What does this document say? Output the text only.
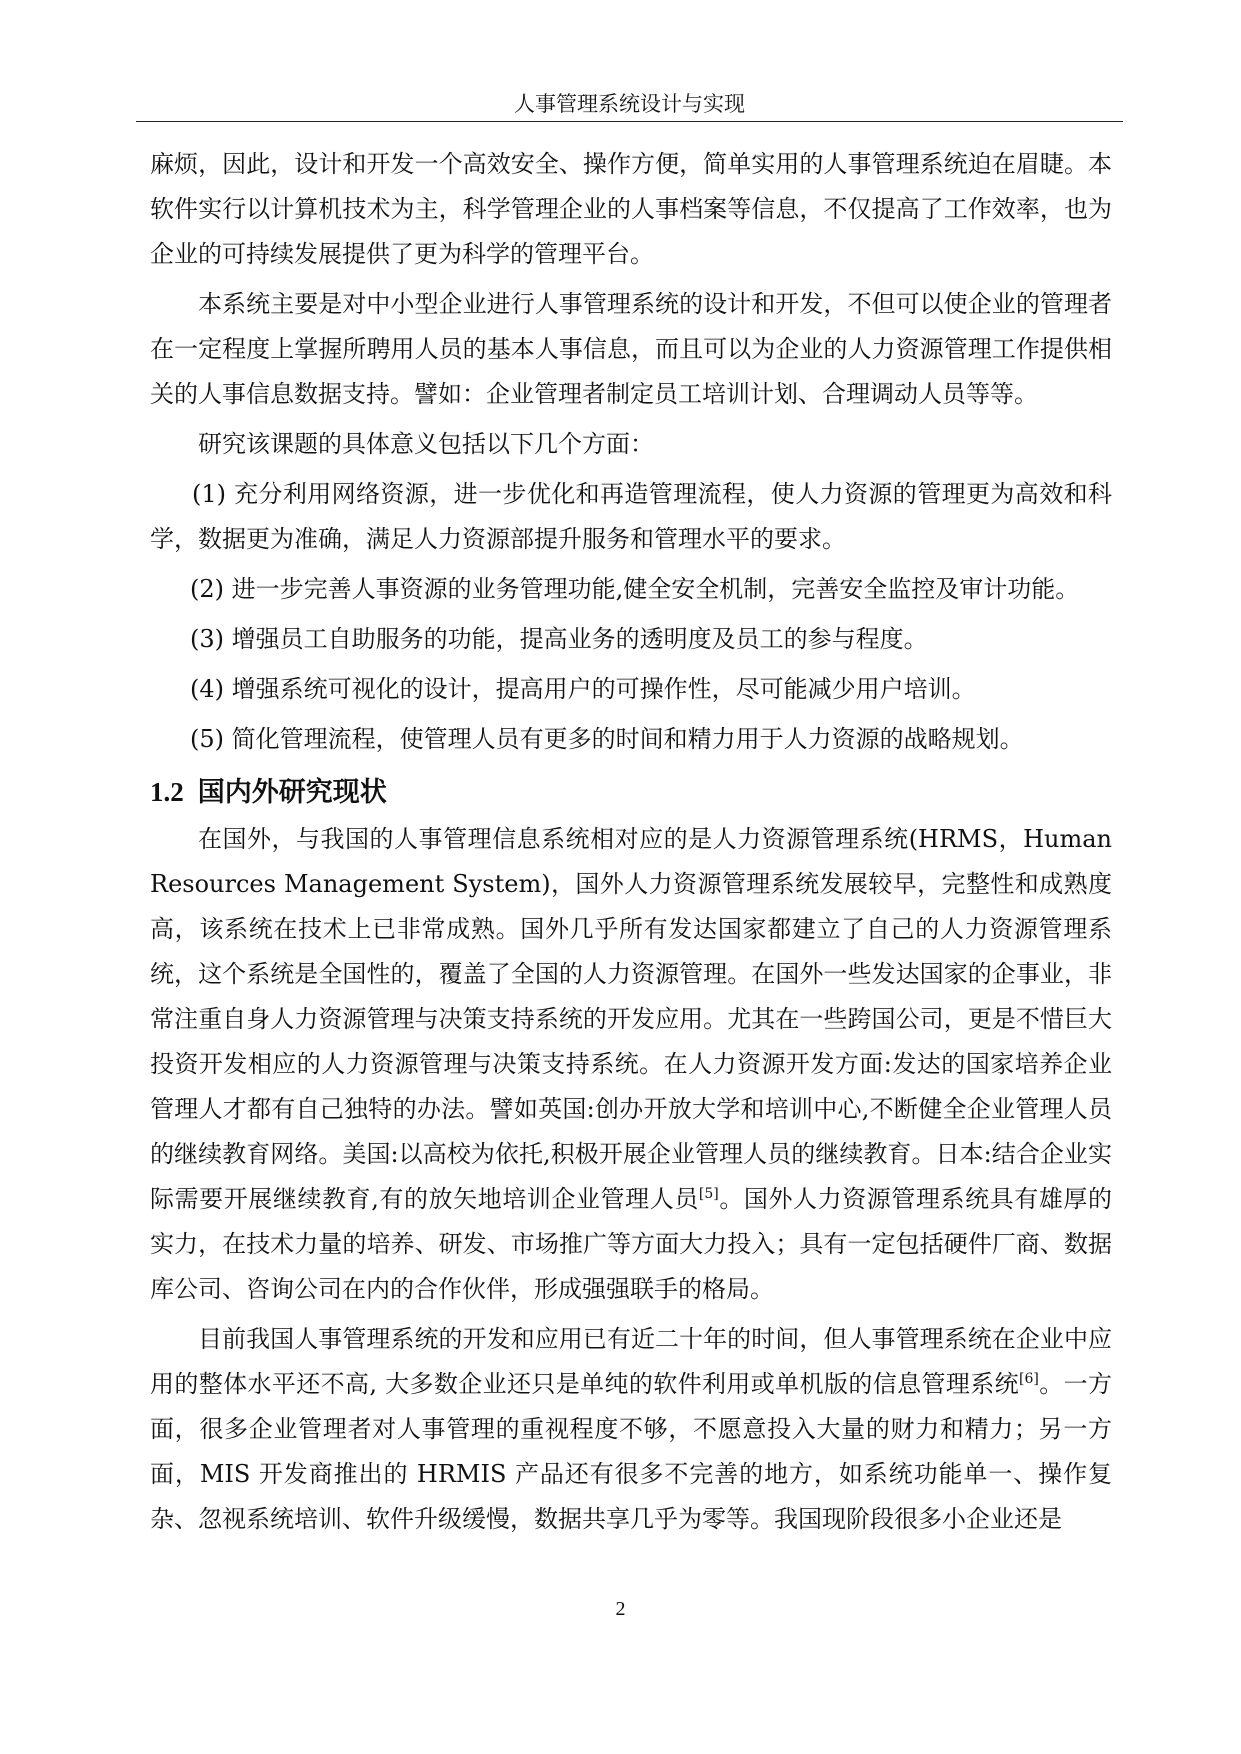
人事管理系统设计与实现

麻烦，因此，设计和开发一个高效安全、操作方便，简单实用的人事管理系统迫在眉睫。本软件实行以计算机技术为主，科学管理企业的人事档案等信息，不仅提高了工作效率，也为企业的可持续发展提供了更为科学的管理平台。

本系统主要是对中小型企业进行人事管理系统的设计和开发，不但可以使企业的管理者在一定程度上掌握所聘用人员的基本人事信息，而且可以为企业的人力资源管理工作提供相关的人事信息数据支持。譬如：企业管理者制定员工培训计划、合理调动人员等等。

研究该课题的具体意义包括以下几个方面：

(1) 充分利用网络资源，进一步优化和再造管理流程，使人力资源的管理更为高效和科学，数据更为准确，满足人力资源部提升服务和管理水平的要求。

(2) 进一步完善人事资源的业务管理功能,健全安全机制，完善安全监控及审计功能。

(3) 增强员工自助服务的功能，提高业务的透明度及员工的参与程度。

(4) 增强系统可视化的设计，提高用户的可操作性，尽可能减少用户培训。

(5) 简化管理流程，使管理人员有更多的时间和精力用于人力资源的战略规划。

1.2 国内外研究现状

在国外，与我国的人事管理信息系统相对应的是人力资源管理系统(HRMS，Human Resources Management System)，国外人力资源管理系统发展较早，完整性和成熟度高，该系统在技术上已非常成熟。国外几乎所有发达国家都建立了自己的人力资源管理系统，这个系统是全国性的，覆盖了全国的人力资源管理。在国外一些发达国家的企事业，非常注重自身人力资源管理与决策支持系统的开发应用。尤其在一些跨国公司，更是不惜巨大投资开发相应的人力资源管理与决策支持系统。在人力资源开发方面:发达的国家培养企业管理人才都有自己独特的办法。譬如英国:创办开放大学和培训中心,不断健全企业管理人员的继续教育网络。美国:以高校为依托,积极开展企业管理人员的继续教育。日本:结合企业实际需要开展继续教育,有的放矢地培训企业管理人员[5]。国外人力资源管理系统具有雄厚的实力，在技术力量的培养、研发、市场推广等方面大力投入；具有一定包括硬件厂商、数据库公司、咨询公司在内的合作伙伴，形成强强联手的格局。

目前我国人事管理系统的开发和应用已有近二十年的时间，但人事管理系统在企业中应用的整体水平还不高, 大多数企业还只是单纯的软件利用或单机版的信息管理系统[6]。一方面，很多企业管理者对人事管理的重视程度不够，不愿意投入大量的财力和精力；另一方面，MIS 开发商推出的 HRMIS 产品还有很多不完善的地方，如系统功能单一、操作复杂、忽视系统培训、软件升级缓慢，数据共享几乎为零等。我国现阶段很多小企业还是

2
